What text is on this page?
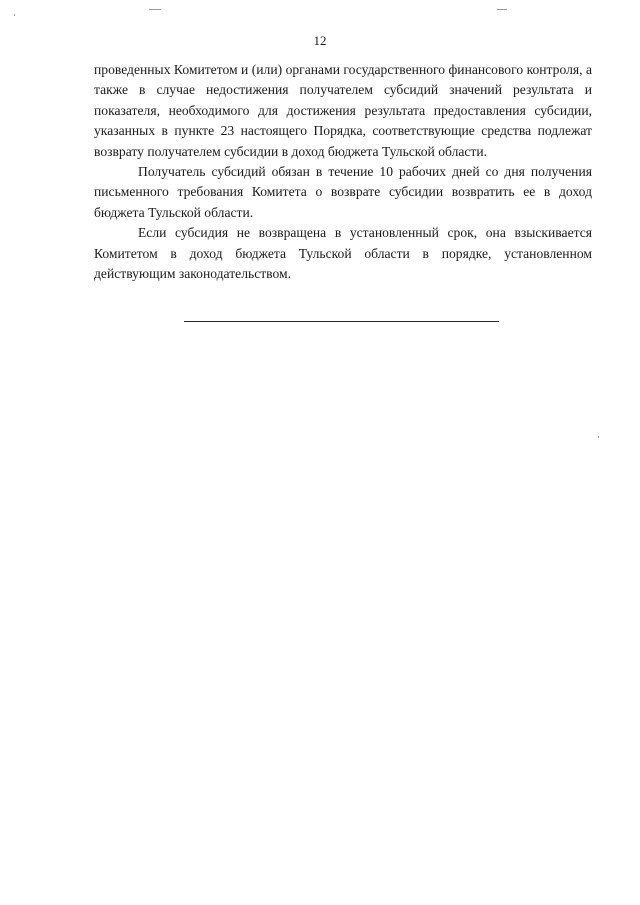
12

проведенных Комитетом и (или) органами государственного финансового контроля, а также в случае недостижения получателем субсидий значений результата и показателя, необходимого для достижения результата предоставления субсидии, указанных в пункте 23 настоящего Порядка, соответствующие средства подлежат возврату получателем субсидии в доход бюджета Тульской области.

Получатель субсидий обязан в течение 10 рабочих дней со дня получения письменного требования Комитета о возврате субсидии возвратить ее в доход бюджета Тульской области.

Если субсидия не возвращена в установленный срок, она взыскивается Комитетом в доход бюджета Тульской области в порядке, установленном действующим законодательством.
